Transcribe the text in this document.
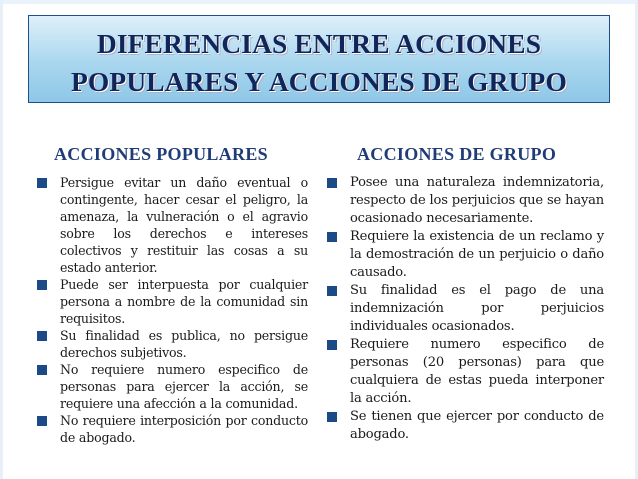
DIFERENCIAS ENTRE ACCIONES
POPULARES Y ACCIONES DE GRUPO
ACCIONES POPULARES	ACCIONES DE GRUPO
Persigue evitar un daño eventual o contingente, hacer cesar el peligro, la amenaza, la vulneración o el agravio sobre los derechos e intereses colectivos y restituir las cosas a su estado anterior.
Puede ser interpuesta por cualquier persona a nombre de la comunidad sin requisitos.
Su finalidad es publica, no persigue derechos subjetivos.
No requiere numero especifico de personas para ejercer la acción, se requiere una afección a la comunidad.
No requiere interposición por conducto de abogado.
Posee una naturaleza indemnizatoria, respecto de los perjuicios que se hayan ocasionado necesariamente.
Requiere la existencia de un reclamo y la demostración de un perjuicio o daño causado.
Su finalidad es el pago de una indemnización por perjuicios individuales ocasionados.
Requiere numero especifico de personas (20 personas) para que cualquiera de estas pueda interponer la acción.
Se tienen que ejercer por conducto de abogado.
